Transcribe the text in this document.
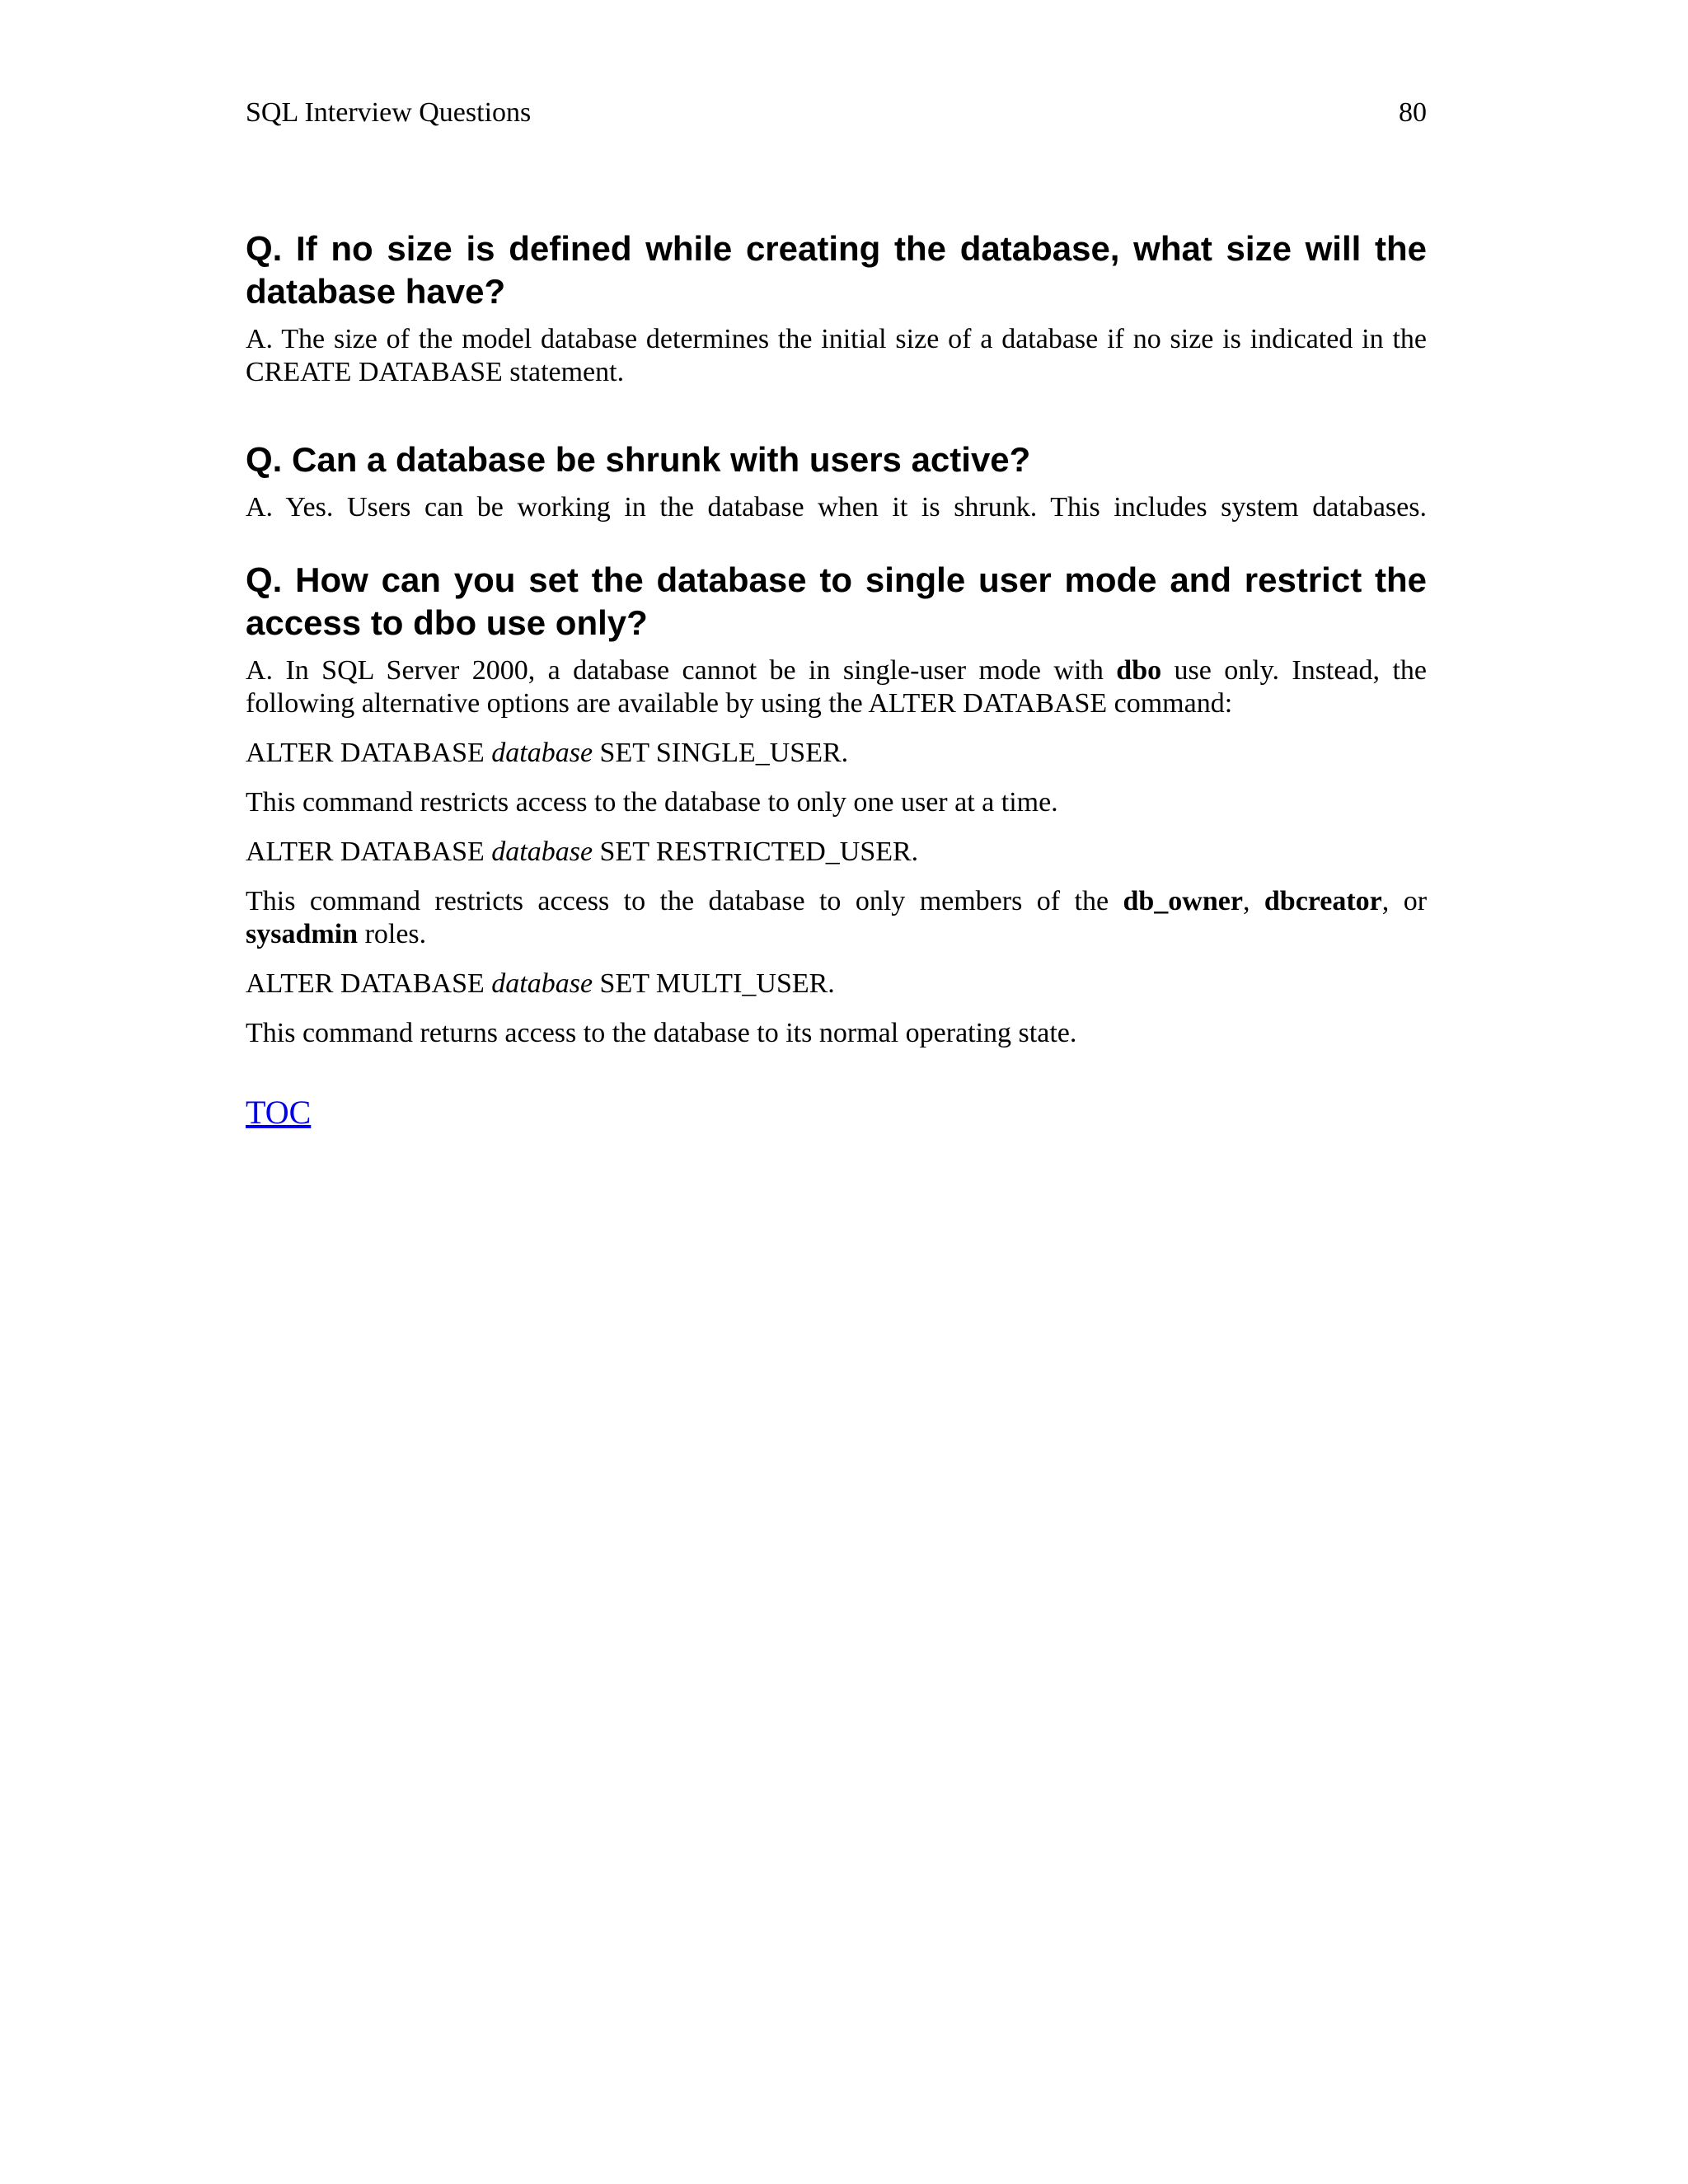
SQL Interview Questions	80

Q. If no size is defined while creating the database, what size will the database have?

A. The size of the model database determines the initial size of a database if no size is indicated in the CREATE DATABASE statement.

Q. Can a database be shrunk with users active?

A. Yes. Users can be working in the database when it is shrunk. This includes system databases.

Q. How can you set the database to single user mode and restrict the access to dbo use only?

A. In SQL Server 2000, a database cannot be in single-user mode with dbo use only. Instead, the following alternative options are available by using the ALTER DATABASE command:

ALTER DATABASE database SET SINGLE_USER.

This command restricts access to the database to only one user at a time.

ALTER DATABASE database SET RESTRICTED_USER.

This command restricts access to the database to only members of the db_owner, dbcreator, or sysadmin roles.

ALTER DATABASE database SET MULTI_USER.

This command returns access to the database to its normal operating state.

TOC
